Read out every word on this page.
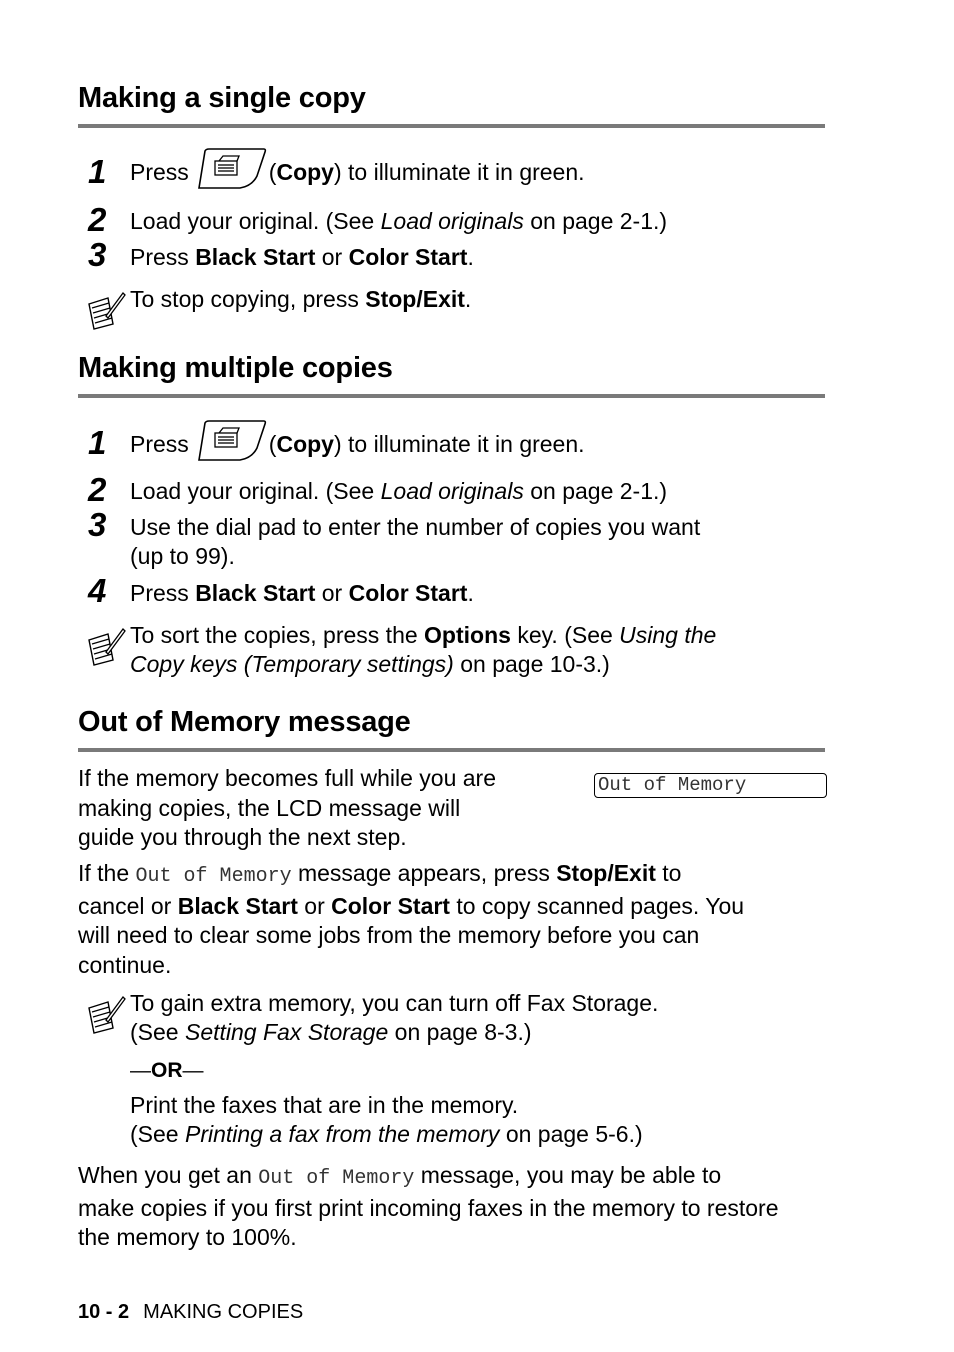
Making a single copy
1 Press	(Copy) to illuminate it in green.
2 Load your original. (See Load originals on page 2-1.)
3 Press Black Start or Color Start.
To stop copying, press Stop/Exit.
Making multiple copies
1 Press	(Copy) to illuminate it in green.
2 Load your original. (See Load originals on page 2-1.)
3 Use the dial pad to enter the number of copies you want
(up to 99).
4 Press Black Start or Color Start.
To sort the copies, press the Options key. (See Using the
Copy keys (Temporary settings) on page 10-3.)
Out of Memory message
If the memory becomes full while you are
making copies, the LCD message will
guide you through the next step.
Out of Memory
If the Out of Memory message appears, press Stop/Exit to
cancel or Black Start or Color Start to copy scanned pages. You
will need to clear some jobs from the memory before you can
continue.
To gain extra memory, you can turn off Fax Storage.
(See Setting Fax Storage on page 8-3.)
—OR—
Print the faxes that are in the memory.
(See Printing a fax from the memory on page 5-6.)
When you get an Out of Memory message, you may be able to
make copies if you first print incoming faxes in the memory to restore
the memory to 100%.
10 - 2 MAKING COPIES
